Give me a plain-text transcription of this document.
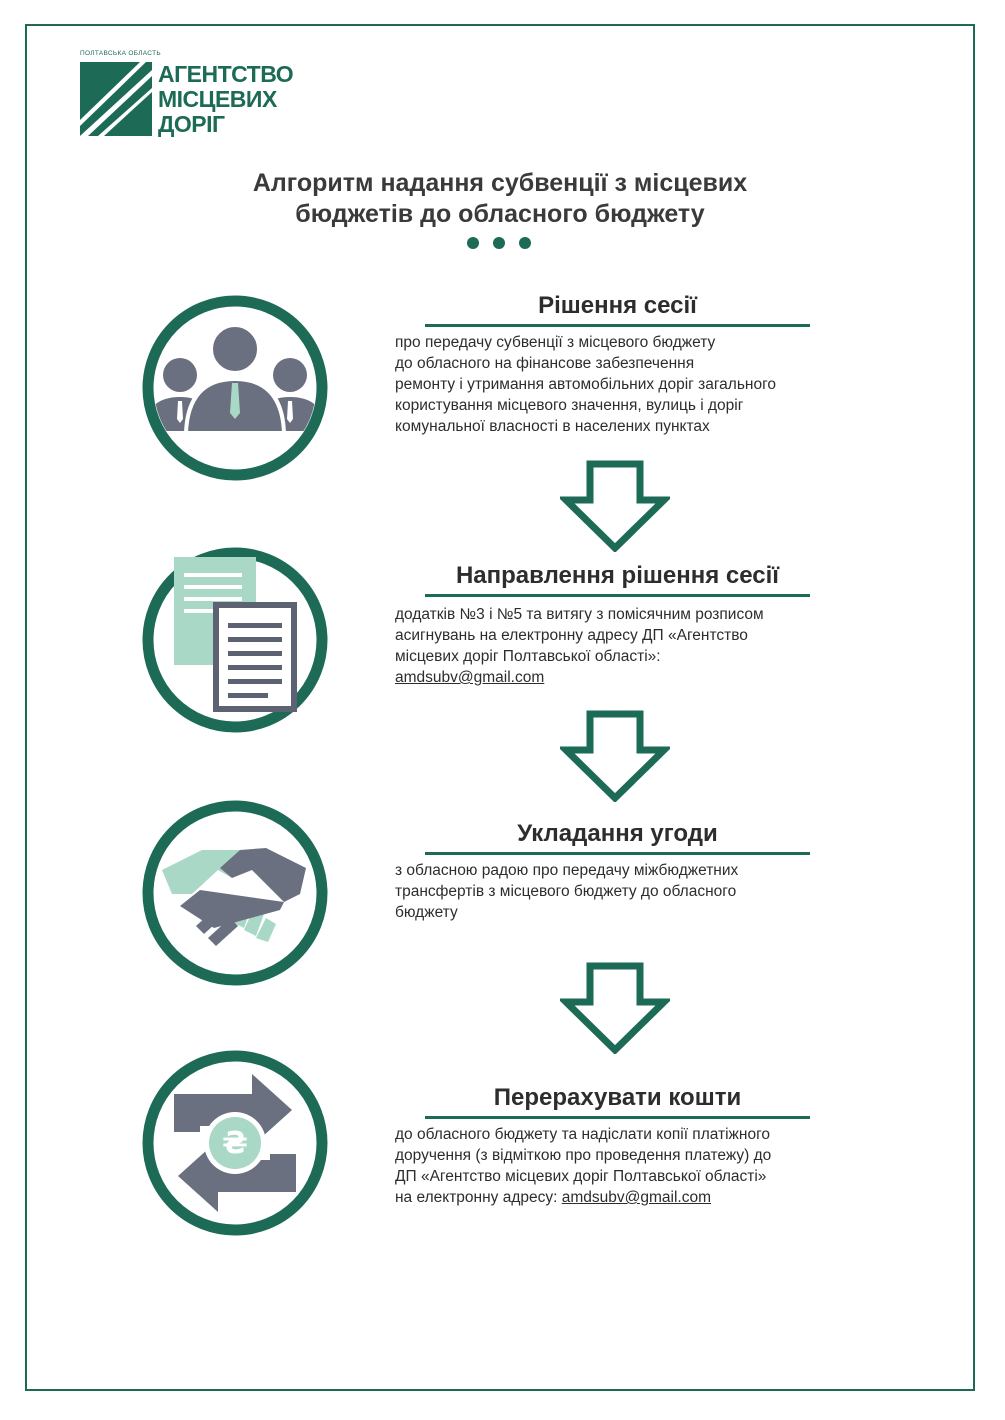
ПОЛТАВСЬКА ОБЛАСТЬ
АГЕНТСТВО
МІСЦЕВИХ
ДОРІГ
Алгоритм надання субвенції з місцевих
бюджетів до обласного бюджету
Рішення сесії
про передачу субвенції з місцевого бюджету
до обласного на фінансове забезпечення
ремонту і утримання автомобільних доріг загального
користування місцевого значення, вулиць і доріг
комунальної власності в населених пунктах
Направлення рішення сесії
додатків №3 і №5 та витягу з помісячним розписом
асигнувань на електронну адресу ДП «Агентство
місцевих доріг Полтавської області»:
amdsubv@gmail.com
Укладання угоди
з обласною радою про передачу міжбюджетних
трансфертів з місцевого бюджету до обласного
бюджету
₴
Перерахувати кошти
до обласного бюджету та надіслати копії платіжного
доручення (з відміткою про проведення платежу) до
ДП «Агентство місцевих доріг Полтавської області»
на електронну адресу: amdsubv@gmail.com
